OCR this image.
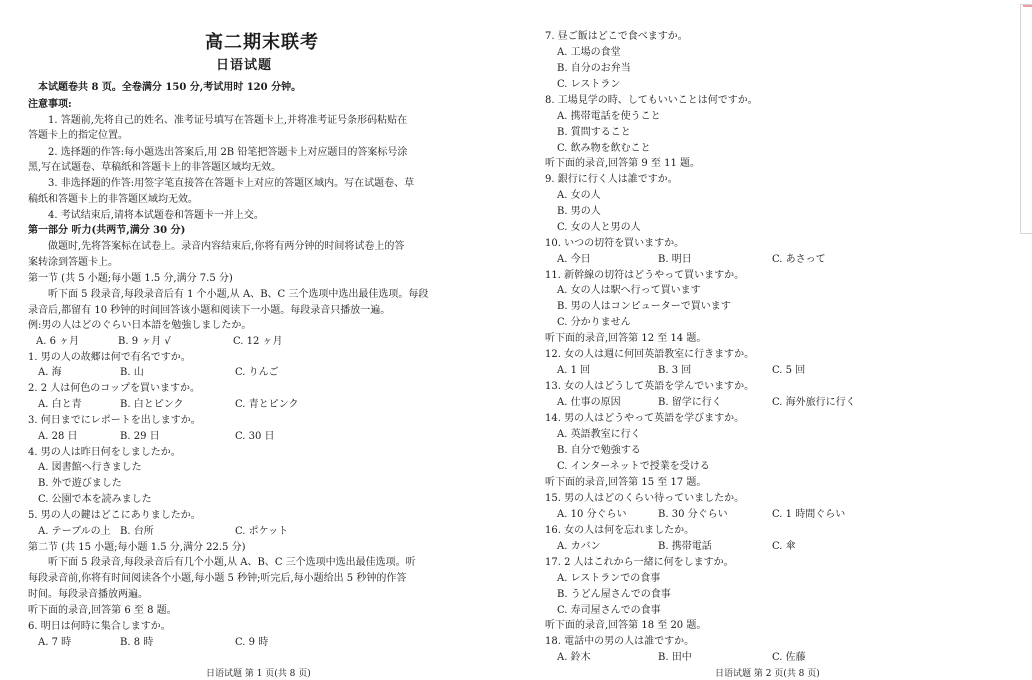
高二期末联考
日语试题
本试题卷共 8 页。全卷满分 150 分,考试用时 120 分钟。
注意事项:
1. 答题前,先将自己的姓名、准考证号填写在答题卡上,并将准考证号条形码粘贴在
答题卡上的指定位置。
2. 选择题的作答:每小题选出答案后,用 2B 铅笔把答题卡上对应题目的答案标号涂
黑,写在试题卷、草稿纸和答题卡上的非答题区域均无效。
3. 非选择题的作答:用签字笔直接答在答题卡上对应的答题区域内。写在试题卷、草
稿纸和答题卡上的非答题区域均无效。
4. 考试结束后,请将本试题卷和答题卡一并上交。
第一部分 听力(共两节,满分 30 分)
做题时,先将答案标在试卷上。录音内容结束后,你将有两分钟的时间将试卷上的答
案转涂到答题卡上。
第一节 (共 5 小题;每小题 1.5 分,满分 7.5 分)
听下面 5 段录音,每段录音后有 1 个小题,从 A、B、C 三个选项中选出最佳选项。每段
录音后,都留有 10 秒钟的时间回答该小题和阅读下一小题。每段录音只播放一遍。
例:男の人はどのぐらい日本語を勉強しましたか。
A. 6 ヶ月	B. 9 ヶ月 √	C. 12 ヶ月
1. 男の人の故郷は何で有名ですか。
A. 海	B. 山	C. りんご
2. 2 人は何色のコップを買いますか。
A. 白と青	B. 白とピンク	C. 青とピンク
3. 何日までにレポートを出しますか。
A. 28 日	B. 29 日	C. 30 日
4. 男の人は昨日何をしましたか。
A. 図書館へ行きました
B. 外で遊びました
C. 公園で本を読みました
5. 男の人の鍵はどこにありましたか。
A. テーブルの上 B. 台所	C. ポケット
第二节 (共 15 小题;每小题 1.5 分,满分 22.5 分)
听下面 5 段录音,每段录音后有几个小题,从 A、B、C 三个选项中选出最佳选项。听
每段录音前,你将有时间阅读各个小题,每小题 5 秒钟;听完后,每小题给出 5 秒钟的作答
时间。每段录音播放两遍。
听下面的录音,回答第 6 至 8 题。
6. 明日は何時に集合しますか。
A. 7 時	B. 8 時	C. 9 時
日语试题 第 1 页(共 8 页)
7. 昼ご飯はどこで食べますか。
A. 工場の食堂
B. 自分のお弁当
C. レストラン
8. 工場見学の時、してもいいことは何ですか。
A. 携帯電話を使うこと
B. 質問すること
C. 飲み物を飲むこと
听下面的录音,回答第 9 至 11 题。
9. 銀行に行く人は誰ですか。
A. 女の人
B. 男の人
C. 女の人と男の人
10. いつの切符を買いますか。
A. 今日	B. 明日	C. あさって
11. 新幹線の切符はどうやって買いますか。
A. 女の人は駅へ行って買います
B. 男の人はコンピューターで買います
C. 分かりません
听下面的录音,回答第 12 至 14 题。
12. 女の人は週に何回英語教室に行きますか。
A. 1 回	B. 3 回	C. 5 回
13. 女の人はどうして英語を学んでいますか。
A. 仕事の原因	B. 留学に行く	C. 海外旅行に行く
14. 男の人はどうやって英語を学びますか。
A. 英語教室に行く
B. 自分で勉強する
C. インターネットで授業を受ける
听下面的录音,回答第 15 至 17 题。
15. 男の人はどのくらい待っていましたか。
A. 10 分ぐらい	B. 30 分ぐらい	C. 1 時間ぐらい
16. 女の人は何を忘れましたか。
A. カバン	B. 携帯電話	C. 傘
17. 2 人はこれから一緒に何をしますか。
A. レストランでの食事
B. うどん屋さんでの食事
C. 寿司屋さんでの食事
听下面的录音,回答第 18 至 20 题。
18. 電話中の男の人は誰ですか。
A. 鈴木	B. 田中	C. 佐藤
日语试题 第 2 页(共 8 页)
